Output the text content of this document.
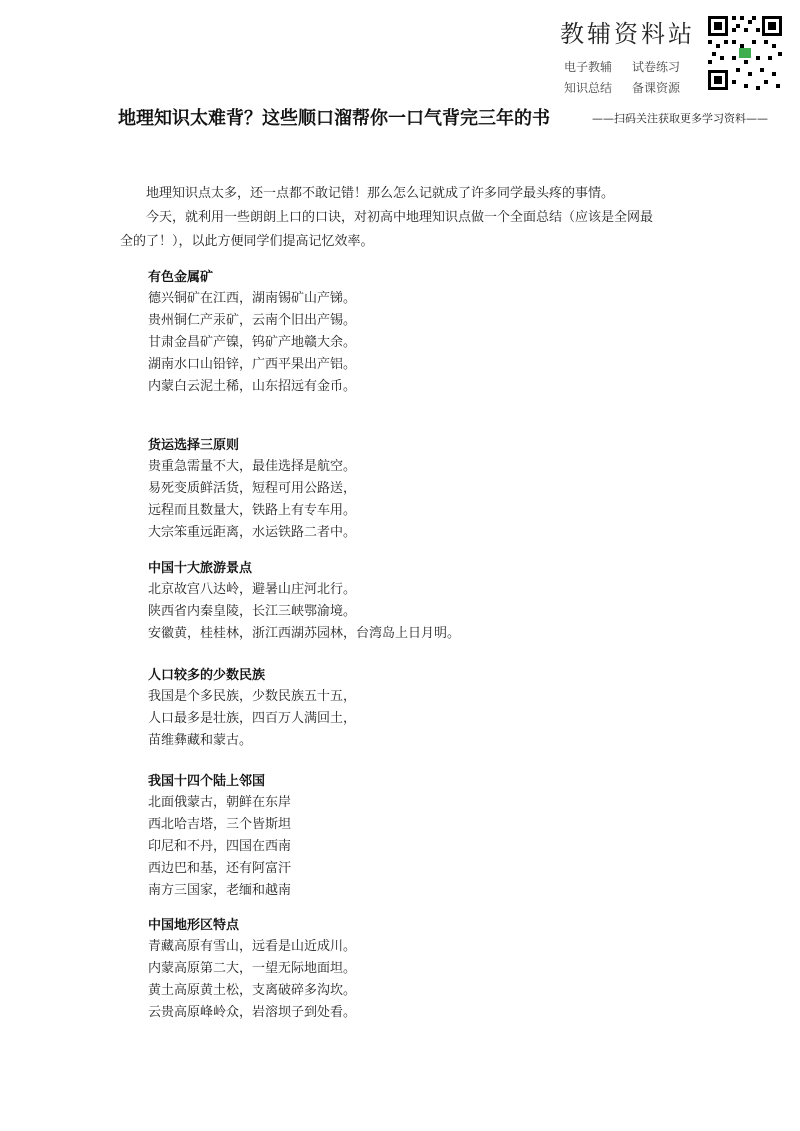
教辅资料站
电子教辅	试卷练习
知识总结	备课资源
地理知识太难背？这些顺口溜帮你一口气背完三年的书	——扫码关注获取更多学习资料——

地理知识点太多，还一点都不敢记错！那么怎么记就成了许多同学最头疼的事情。

今天，就利用一些朗朗上口的口诀，对初高中地理知识点做一个全面总结（应该是全网最全的了！），以此方便同学们提高记忆效率。

有色金属矿
德兴铜矿在江西，湖南锡矿山产锑。
贵州铜仁产汞矿，云南个旧出产锡。
甘肃金昌矿产镍，钨矿产地赣大余。
湖南水口山铅锌，广西平果出产铝。
内蒙白云泥土稀，山东招远有金币。
货运选择三原则
贵重急需量不大，最佳选择是航空。
易死变质鲜活货，短程可用公路送，
远程而且数量大，铁路上有专车用。
大宗笨重远距离，水运铁路二者中。
中国十大旅游景点
北京故宫八达岭，避暑山庄河北行。
陕西省内秦皇陵，长江三峡鄂渝境。
安徽黄，桂桂林，浙江西湖苏园林，台湾岛上日月明。
人口较多的少数民族
我国是个多民族，少数民族五十五，
人口最多是壮族，四百万人满回土，
苗维彝藏和蒙古。
我国十四个陆上邻国
北面俄蒙古，朝鲜在东岸
西北哈吉塔，三个皆斯坦
印尼和不丹，四国在西南
西边巴和基，还有阿富汗
南方三国家，老缅和越南
中国地形区特点
青藏高原有雪山，远看是山近成川。
内蒙高原第二大，一望无际地面坦。
黄土高原黄土松，支离破碎多沟坎。
云贵高原峰岭众，岩溶坝子到处看。
